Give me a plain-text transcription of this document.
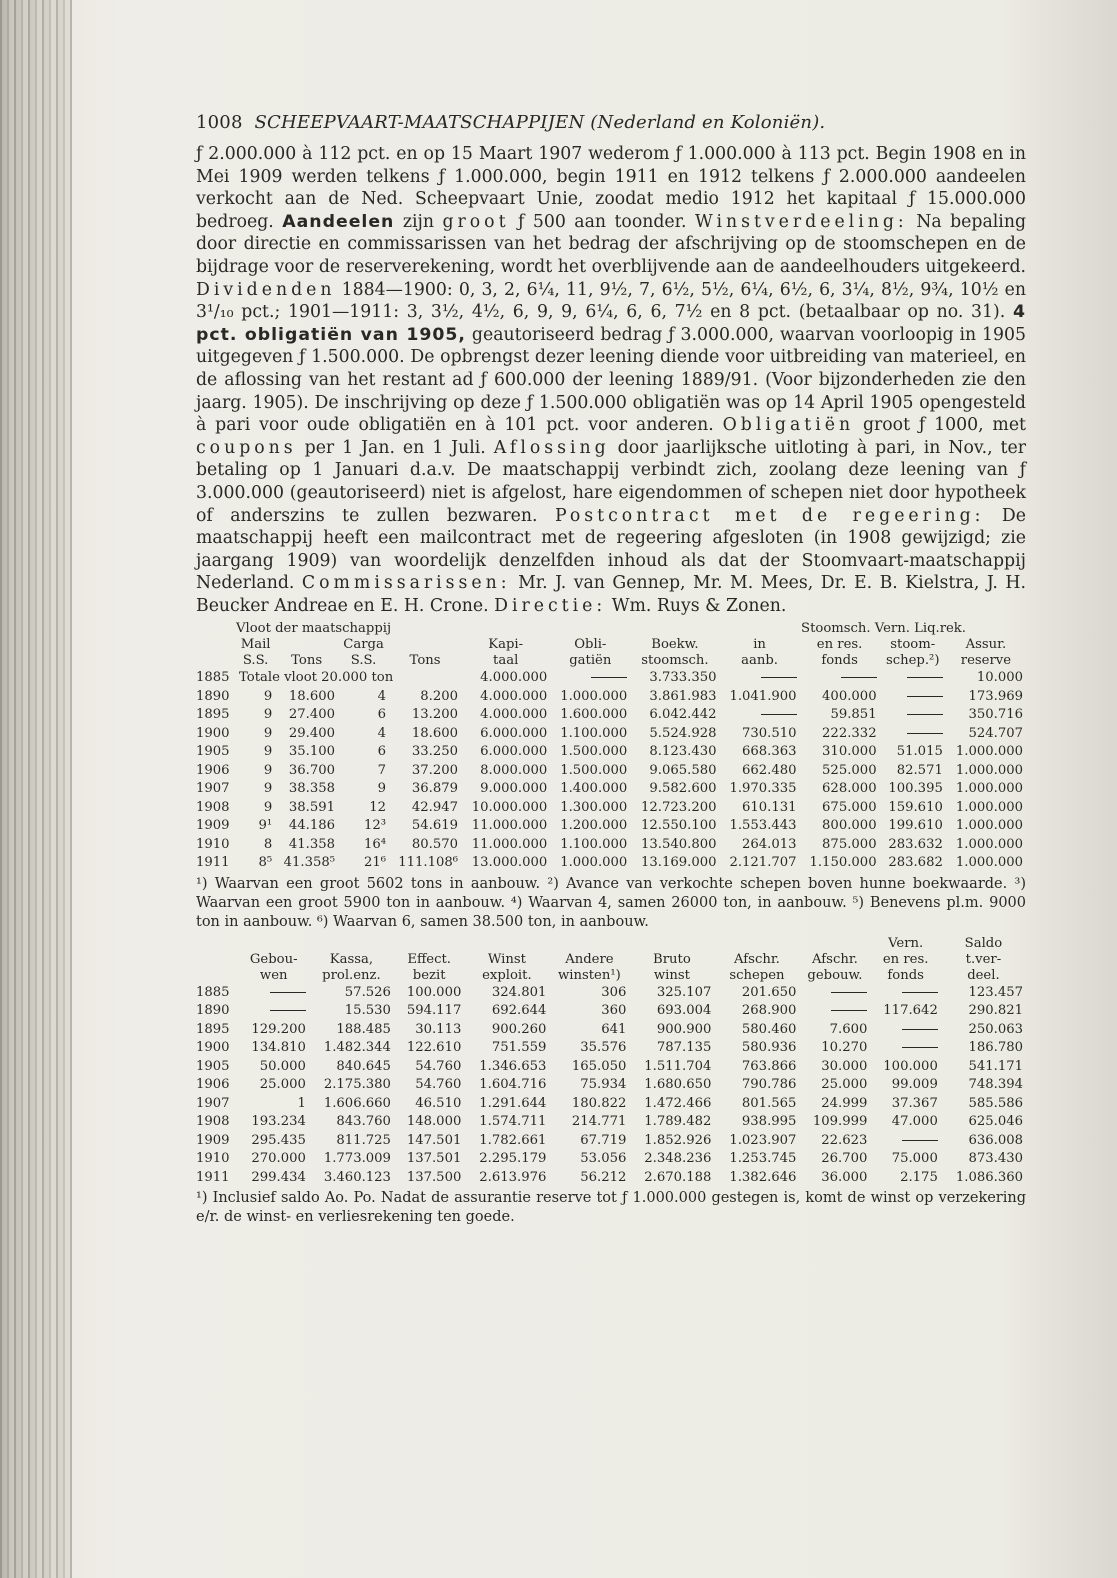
1008 SCHEEPVAART-MAATSCHAPPIJEN (Nederland en Koloniën).

ƒ 2.000.000 à 112 pct. en op 15 Maart 1907 wederom ƒ 1.000.000 à 113 pct. Begin 1908 en in Mei 1909 werden telkens ƒ 1.000.000, begin 1911 en 1912 telkens ƒ 2.000.000 aandeelen verkocht aan de Ned. Scheepvaart Unie, zoodat medio 1912 het kapitaal ƒ 15.000.000 bedroeg. Aandeelen zijn groot ƒ 500 aan toonder. Winstverdeeling: Na bepaling door directie en commissarissen van het bedrag der afschrijving op de stoomschepen en de bijdrage voor de reserverekening, wordt het overblijvende aan de aandeelhouders uitgekeerd. Dividenden 1884—1900: 0, 3, 2, 6¼, 11, 9½, 7, 6½, 5½, 6¼, 6½, 6, 3¼, 8½, 9¾, 10½ en 3¹/₁₀ pct.; 1901—1911: 3, 3½, 4½, 6, 9, 9, 6¼, 6, 6, 7½ en 8 pct. (betaalbaar op no. 31). 4 pct. obligatiën van 1905, geautoriseerd bedrag ƒ 3.000.000, waarvan voorloopig in 1905 uitgegeven ƒ 1.500.000. De opbrengst dezer leening diende voor uitbreiding van materieel, en de aflossing van het restant ad ƒ 600.000 der leening 1889/91. (Voor bijzonderheden zie den jaarg. 1905). De inschrijving op deze ƒ 1.500.000 obligatiën was op 14 April 1905 opengesteld à pari voor oude obligatiën en à 101 pct. voor anderen. Obligatiën groot ƒ 1000, met coupons per 1 Jan. en 1 Juli. Aflossing door jaarlijksche uitloting à pari, in Nov., ter betaling op 1 Januari d.a.v. De maatschappij verbindt zich, zoolang deze leening van ƒ 3.000.000 (geautoriseerd) niet is afgelost, hare eigendommen of schepen niet door hypotheek of anderszins te zullen bezwaren. Postcontract met de regeering: De maatschappij heeft een mailcontract met de regeering afgesloten (in 1908 gewijzigd; zie jaargang 1909) van woordelijk denzelfden inhoud als dat der Stoomvaart-maatschappij Nederland. Commissarissen: Mr. J. van Gennep, Mr. M. Mees, Dr. E. B. Kielstra, J. H. Beucker Andreae en E. H. Crone. Directie: Wm. Ruys & Zonen.

Vloot der maatschappij	Stoomsch. Vern. Liq.rek.
	Mail		Carga		Kapi-	Obli-	Boekw.	in	en res.	stoom-	Assur.
	S.S.	Tons	S.S.	Tons	taal	gatiën	stoomsch.	aanb.	fonds	schep.²)	reserve
1885	Totale vloot 20.000 ton				4.000.000		3.733.350				10.000
1890	9	18.600	4	8.200	4.000.000	1.000.000	3.861.983	1.041.900	400.000		173.969
1895	9	27.400	6	13.200	4.000.000	1.600.000	6.042.442		59.851		350.716
1900	9	29.400	4	18.600	6.000.000	1.100.000	5.524.928	730.510	222.332		524.707
1905	9	35.100	6	33.250	6.000.000	1.500.000	8.123.430	668.363	310.000	51.015	1.000.000
1906	9	36.700	7	37.200	8.000.000	1.500.000	9.065.580	662.480	525.000	82.571	1.000.000
1907	9	38.358	9	36.879	9.000.000	1.400.000	9.582.600	1.970.335	628.000	100.395	1.000.000
1908	9	38.591	12	42.947	10.000.000	1.300.000	12.723.200	610.131	675.000	159.610	1.000.000
1909	9¹	44.186	12³	54.619	11.000.000	1.200.000	12.550.100	1.553.443	800.000	199.610	1.000.000
1910	8	41.358	16⁴	80.570	11.000.000	1.100.000	13.540.800	264.013	875.000	283.632	1.000.000
1911	8⁵	41.358⁵	21⁶	111.108⁶	13.000.000	1.000.000	13.169.000	2.121.707	1.150.000	283.682	1.000.000

¹) Waarvan een groot 5602 tons in aanbouw. ²) Avance van verkochte schepen boven hunne boekwaarde. ³) Waarvan een groot 5900 ton in aanbouw. ⁴) Waarvan 4, samen 26000 ton, in aanbouw. ⁵) Benevens pl.m. 9000 ton in aanbouw. ⁶) Waarvan 6, samen 38.500 ton, in aanbouw.

									Vern.	Saldo
	Gebou-	Kassa,	Effect.	Winst	Andere	Bruto	Afschr.	Afschr.	en res.	t.ver-
	wen	prol.enz.	bezit	exploit.	winsten¹)	winst	schepen	gebouw.	fonds	deel.
1885		57.526	100.000	324.801	306	325.107	201.650			123.457
1890		15.530	594.117	692.644	360	693.004	268.900		117.642	290.821
1895	129.200	188.485	30.113	900.260	641	900.900	580.460	7.600		250.063
1900	134.810	1.482.344	122.610	751.559	35.576	787.135	580.936	10.270		186.780
1905	50.000	840.645	54.760	1.346.653	165.050	1.511.704	763.866	30.000	100.000	541.171
1906	25.000	2.175.380	54.760	1.604.716	75.934	1.680.650	790.786	25.000	99.009	748.394
1907	1	1.606.660	46.510	1.291.644	180.822	1.472.466	801.565	24.999	37.367	585.586
1908	193.234	843.760	148.000	1.574.711	214.771	1.789.482	938.995	109.999	47.000	625.046
1909	295.435	811.725	147.501	1.782.661	67.719	1.852.926	1.023.907	22.623		636.008
1910	270.000	1.773.009	137.501	2.295.179	53.056	2.348.236	1.253.745	26.700	75.000	873.430
1911	299.434	3.460.123	137.500	2.613.976	56.212	2.670.188	1.382.646	36.000	2.175	1.086.360

¹) Inclusief saldo Ao. Po. Nadat de assurantie reserve tot ƒ 1.000.000 gestegen is, komt de winst op verzekering e/r. de winst- en verliesrekening ten goede.
